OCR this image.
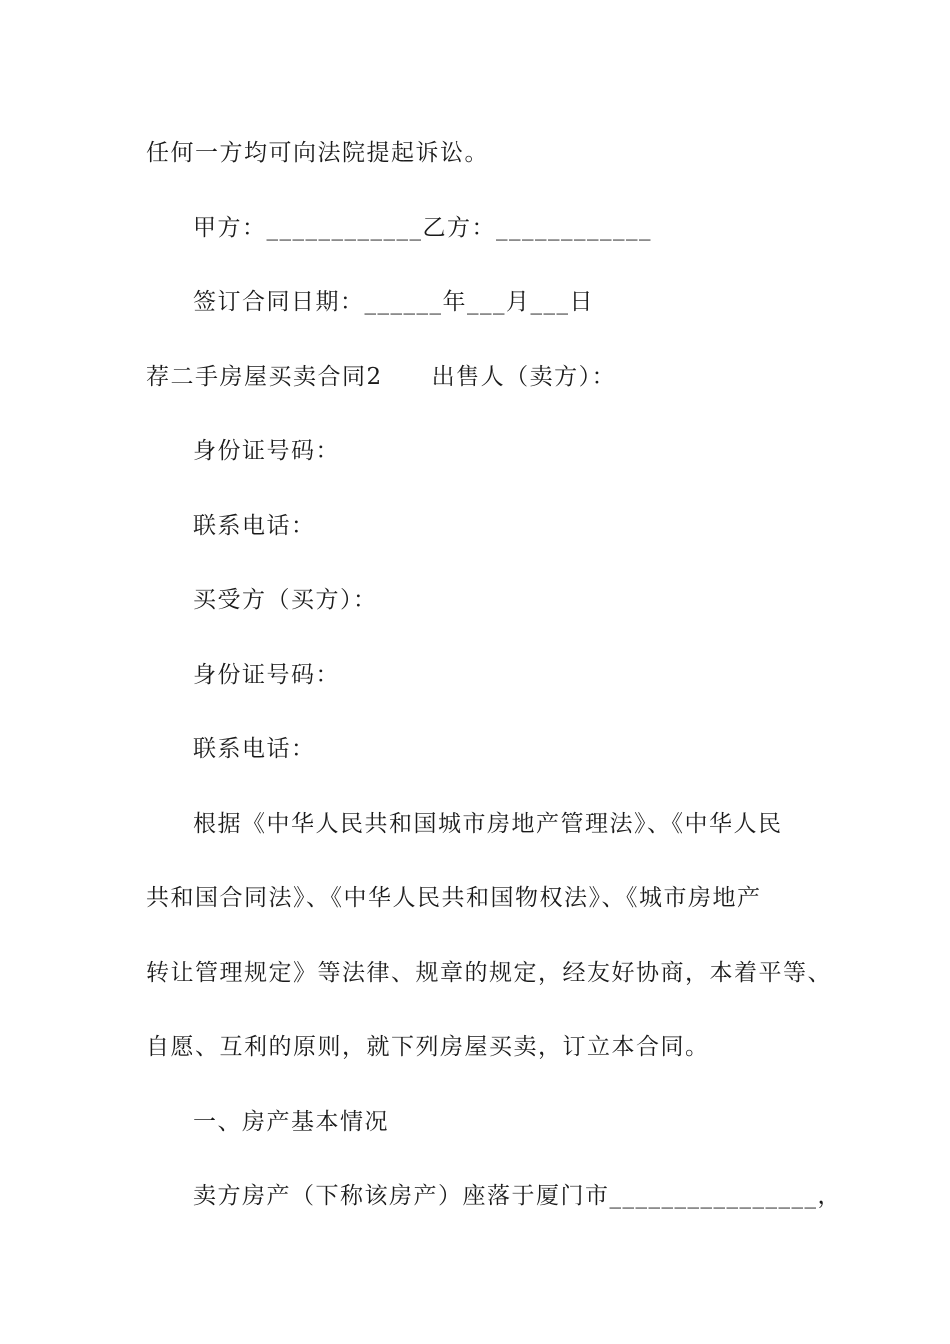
任何一方均可向法院提起诉讼。
甲方：____________乙方：____________
签订合同日期：______年___月___日
荐二手房屋买卖合同2　　出售人（卖方）：
身份证号码：
联系电话：
买受方（买方）：
身份证号码：
联系电话：
根据《中华人民共和国城市房地产管理法》、《中华人民
共和国合同法》、《中华人民共和国物权法》、《城市房地产
转让管理规定》等法律、规章的规定，经友好协商，本着平等、
自愿、互利的原则，就下列房屋买卖，订立本合同。
一、房产基本情况
卖方房产（下称该房产）座落于厦门市________________，
